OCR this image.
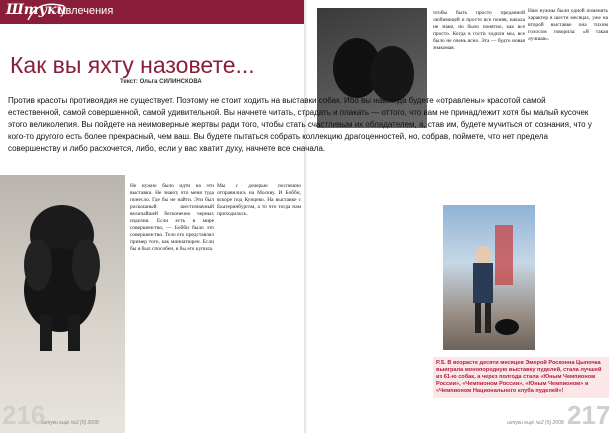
Штуки
увлечения
Как вы яхту назовете...
Текст: Ольга СИЛИНСКОВА
Не нужно было идти на эти выставки. Не знают, что меня туда понесло. Где бы не найти. Эти был роскошный шестизначный величайшей бесконечно черных изделия. Если есть в мире совершенство, — Бобби было это совершенство. Тело его представлял пример того, как миниатюрен. Если бы я был способен, я бы его купила.
Мы с дочерью поспешно отправились на Москву. И Бобби, вскоре под Кунцево. На выставке с Екатеринбургом, а то что тогда нам приходилось.
216
штуки ещё №2 (5) 2008
Против красоты противоядия не существует. Поэтому не стоит ходить на выставки собак. Ибо вы навсегда будете «отравлены» красотой самой естественной, самой совершенной, самой удивительной. Вы начнете читать, страдать и плакать — оттого, что вам не принадлежит хотя бы малый кусочек этого великолепия. Вы пойдете на неимоверные жертвы ради того, чтобы стать счастливым их обладателем, а, став им, будете мучиться от сознания, что у кого-то другого есть более прекрасный, чем ваш. Вы будете пытаться собрать коллекцию драгоценностей, но, собрав, поймете, что нет предела совершенству и либо расхочется, либо, если у вас хватит духу, начнете все сначала.
чтобы быть просто преданной любимицей и просто все поняв, начала не знаю, но было понятно, как все просто. Когда в гости ходили мы, все было не очень ясно. Эта — будто новая знакомая.
Нам нужны были одной поменять характер в шести месяцах, уже на второй выставке она тихим голосом говорила: «Я такая лучшая».
P.S. В возрасте десяти месяцев Эмерой Росконна Цыпочка выиграла монопородную выставку пуделей, стала лучшей из 61-ю собак, а через полгода стала «Юным Чемпионом России», «Чемпионом России», «Юным Чемпионом» и «Чемпионом Национального клуба пуделей»!
217
штуки ещё №2 (5) 2008
